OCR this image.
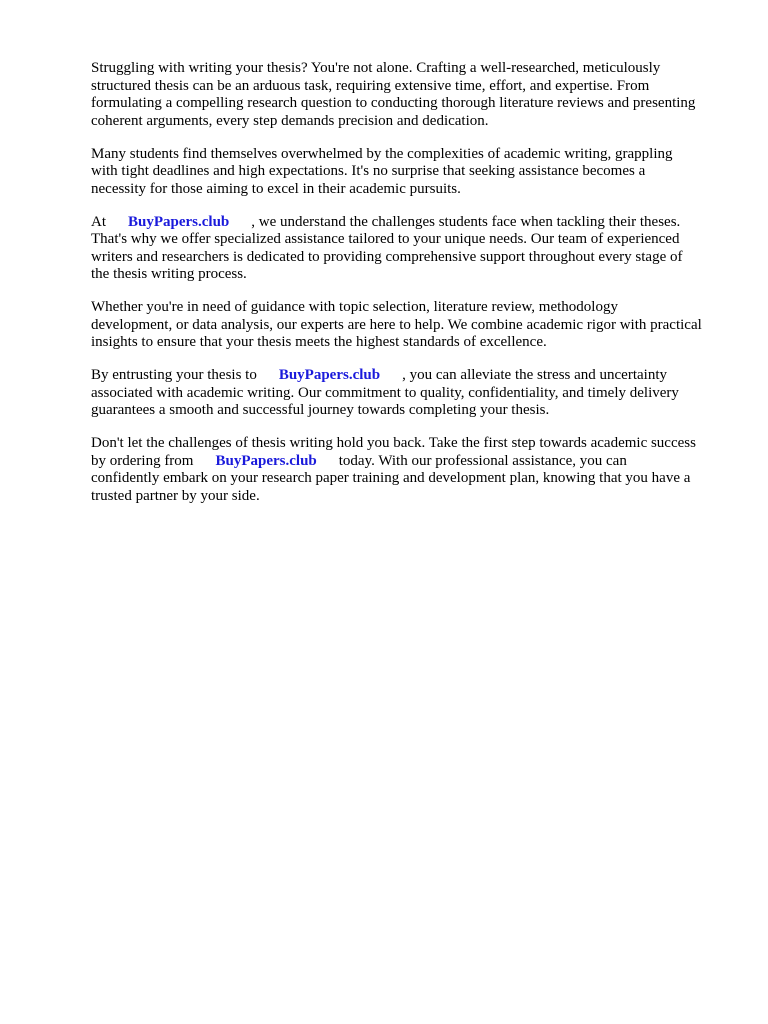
Struggling with writing your thesis? You're not alone. Crafting a well-researched, meticulously
structured thesis can be an arduous task, requiring extensive time, effort, and expertise. From
formulating a compelling research question to conducting thorough literature reviews and presenting
coherent arguments, every step demands precision and dedication.

Many students find themselves overwhelmed by the complexities of academic writing, grappling
with tight deadlines and high expectations. It's no surprise that seeking assistance becomes a
necessity for those aiming to excel in their academic pursuits.

At BuyPapers.club , we understand the challenges students face when tackling their theses.
That's why we offer specialized assistance tailored to your unique needs. Our team of experienced
writers and researchers is dedicated to providing comprehensive support throughout every stage of
the thesis writing process.

Whether you're in need of guidance with topic selection, literature review, methodology
development, or data analysis, our experts are here to help. We combine academic rigor with practical
insights to ensure that your thesis meets the highest standards of excellence.

By entrusting your thesis to BuyPapers.club , you can alleviate the stress and uncertainty
associated with academic writing. Our commitment to quality, confidentiality, and timely delivery
guarantees a smooth and successful journey towards completing your thesis.

Don't let the challenges of thesis writing hold you back. Take the first step towards academic success
by ordering from BuyPapers.club today. With our professional assistance, you can
confidently embark on your research paper training and development plan, knowing that you have a
trusted partner by your side.
